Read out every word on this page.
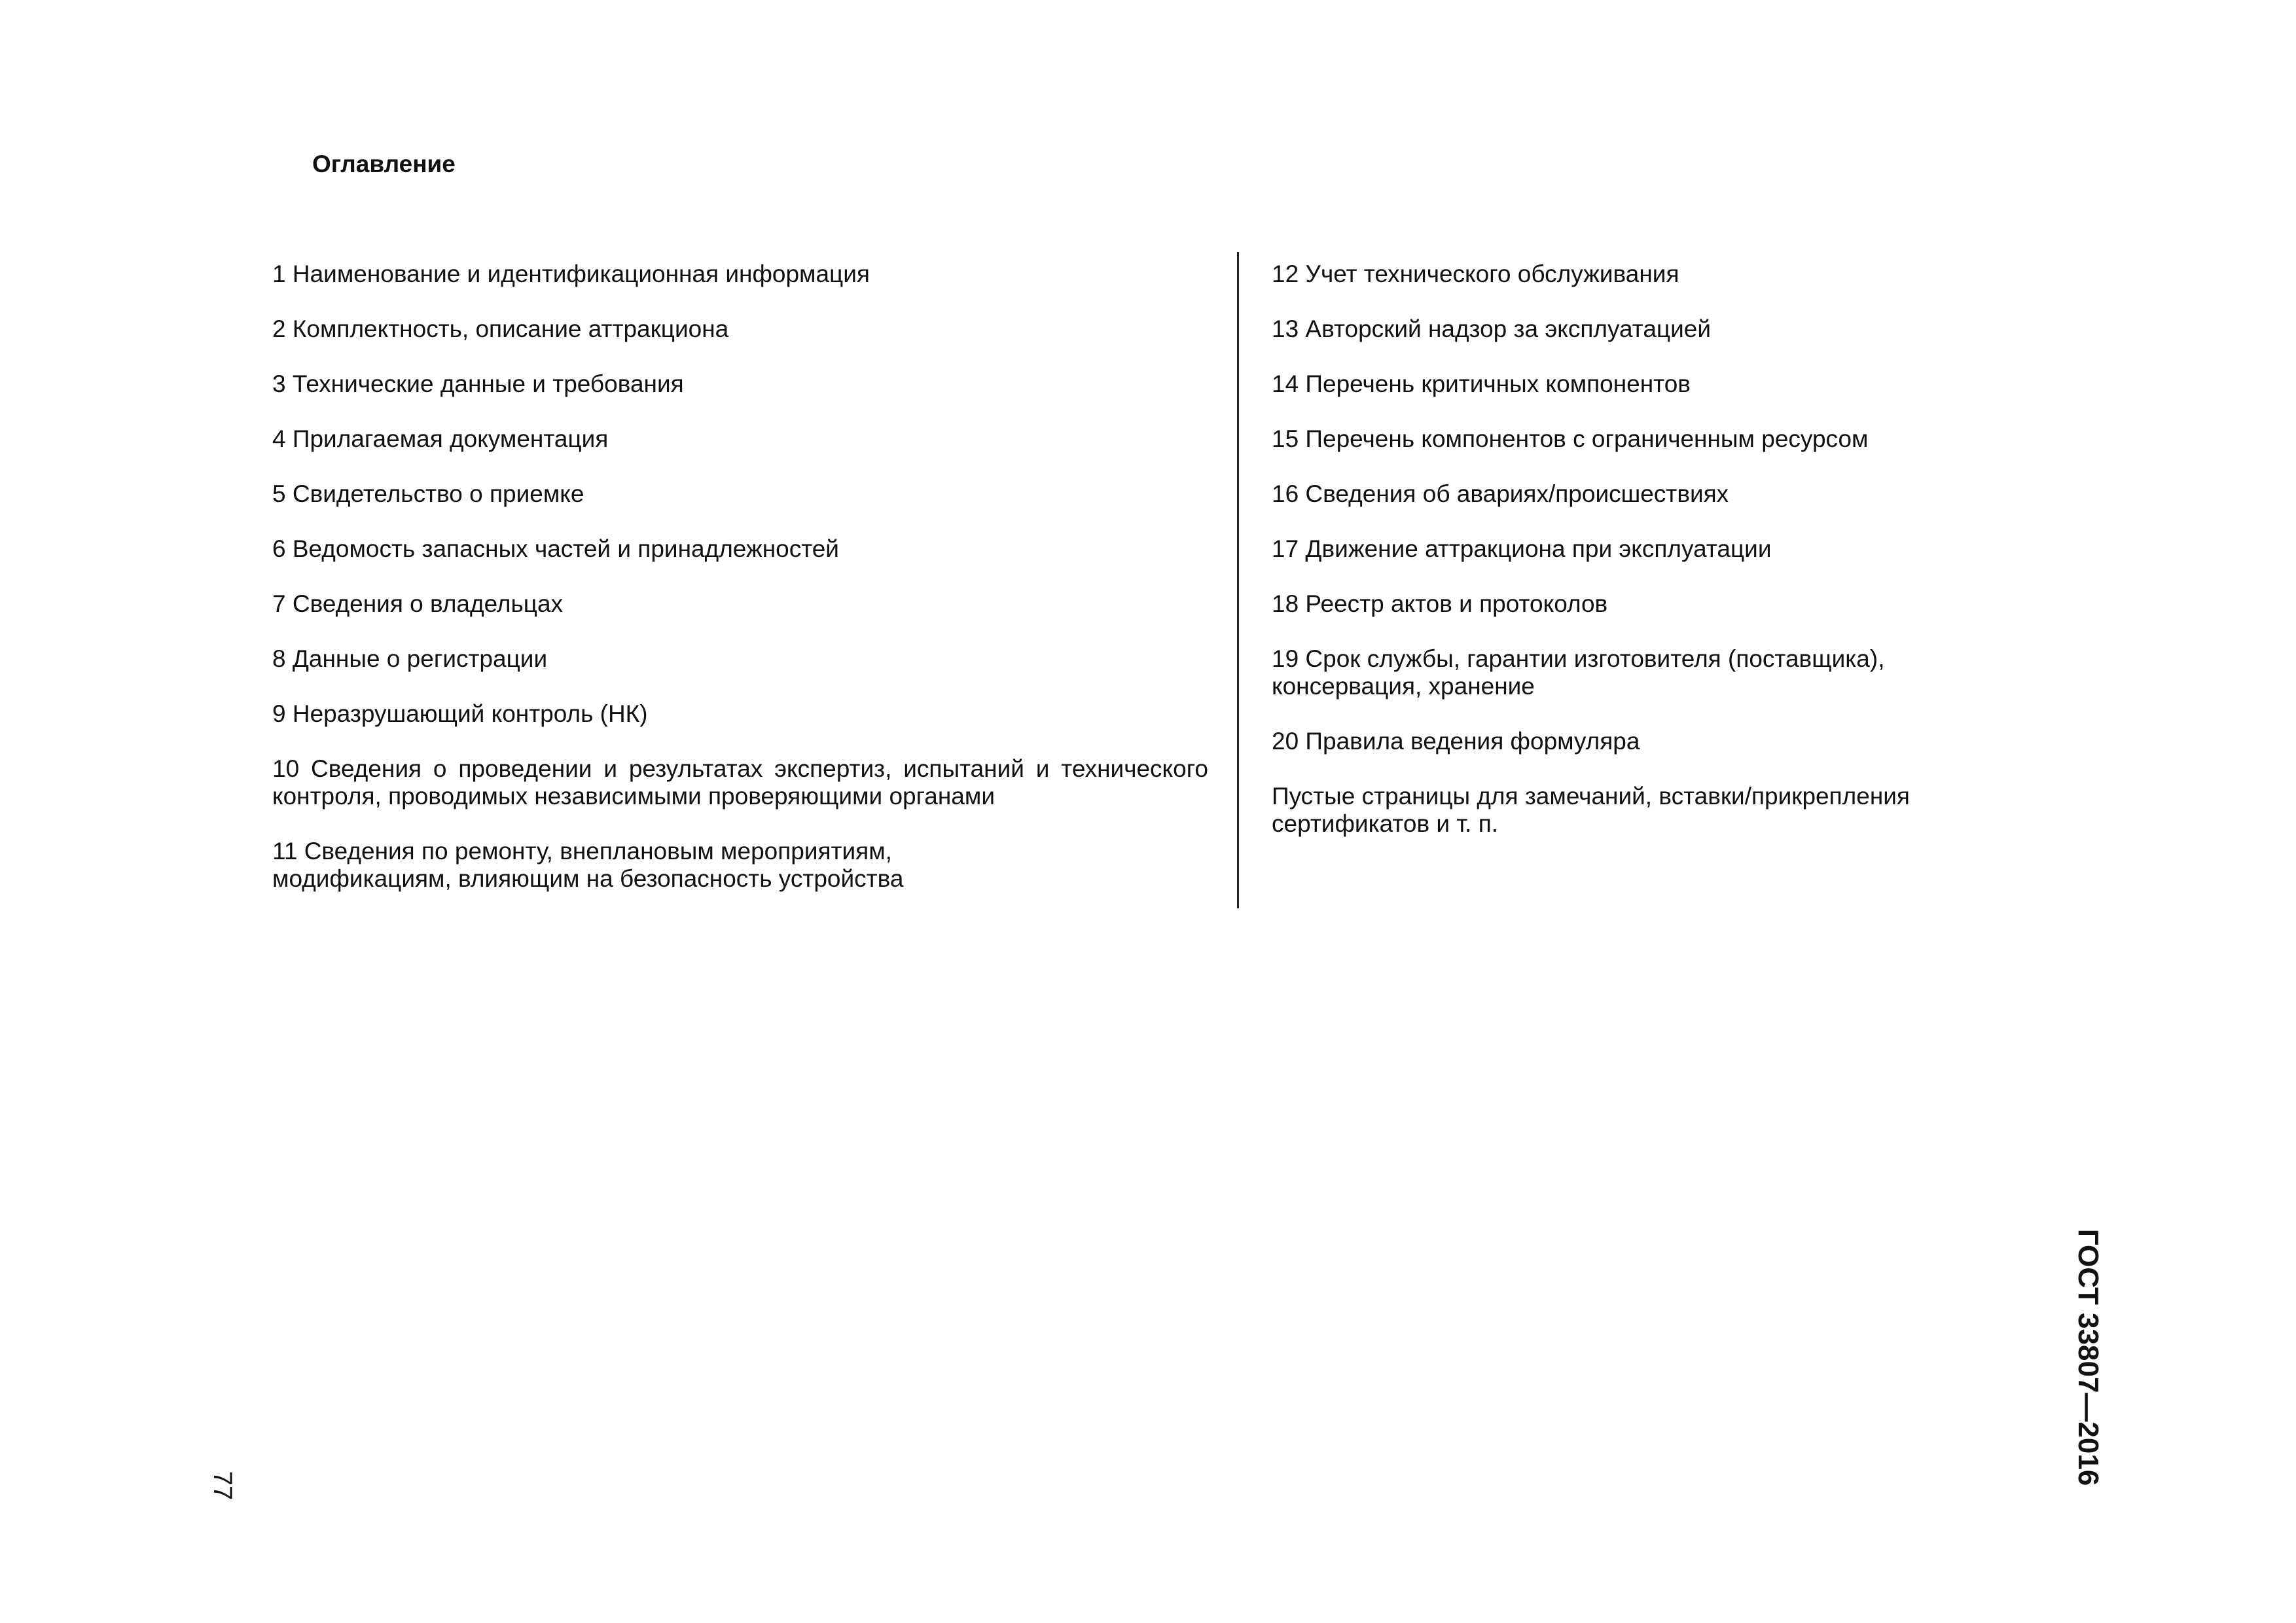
Оглавление
1 Наименование и идентификационная информация
2 Комплектность, описание аттракциона
3 Технические данные и требования
4 Прилагаемая документация
5 Свидетельство о приемке
6 Ведомость запасных частей и принадлежностей
7 Сведения о владельцах
8 Данные о регистрации
9 Неразрушающий контроль (НК)
10 Сведения о проведении и результатах экспертиз, испытаний и технического контроля, проводимых независимыми проверяющими органами
11 Сведения по ремонту, внеплановым мероприятиям,
модификациям, влияющим на безопасность устройства
12 Учет технического обслуживания
13 Авторский надзор за эксплуатацией
14 Перечень критичных компонентов
15 Перечень компонентов с ограниченным ресурсом
16 Сведения об авариях/происшествиях
17 Движение аттракциона при эксплуатации
18 Реестр актов и протоколов
19 Срок службы, гарантии изготовителя (поставщика),
консервация, хранение
20 Правила ведения формуляра
Пустые страницы для замечаний, вставки/прикрепления
сертификатов и т. п.
77	ГОСТ 33807—2016
